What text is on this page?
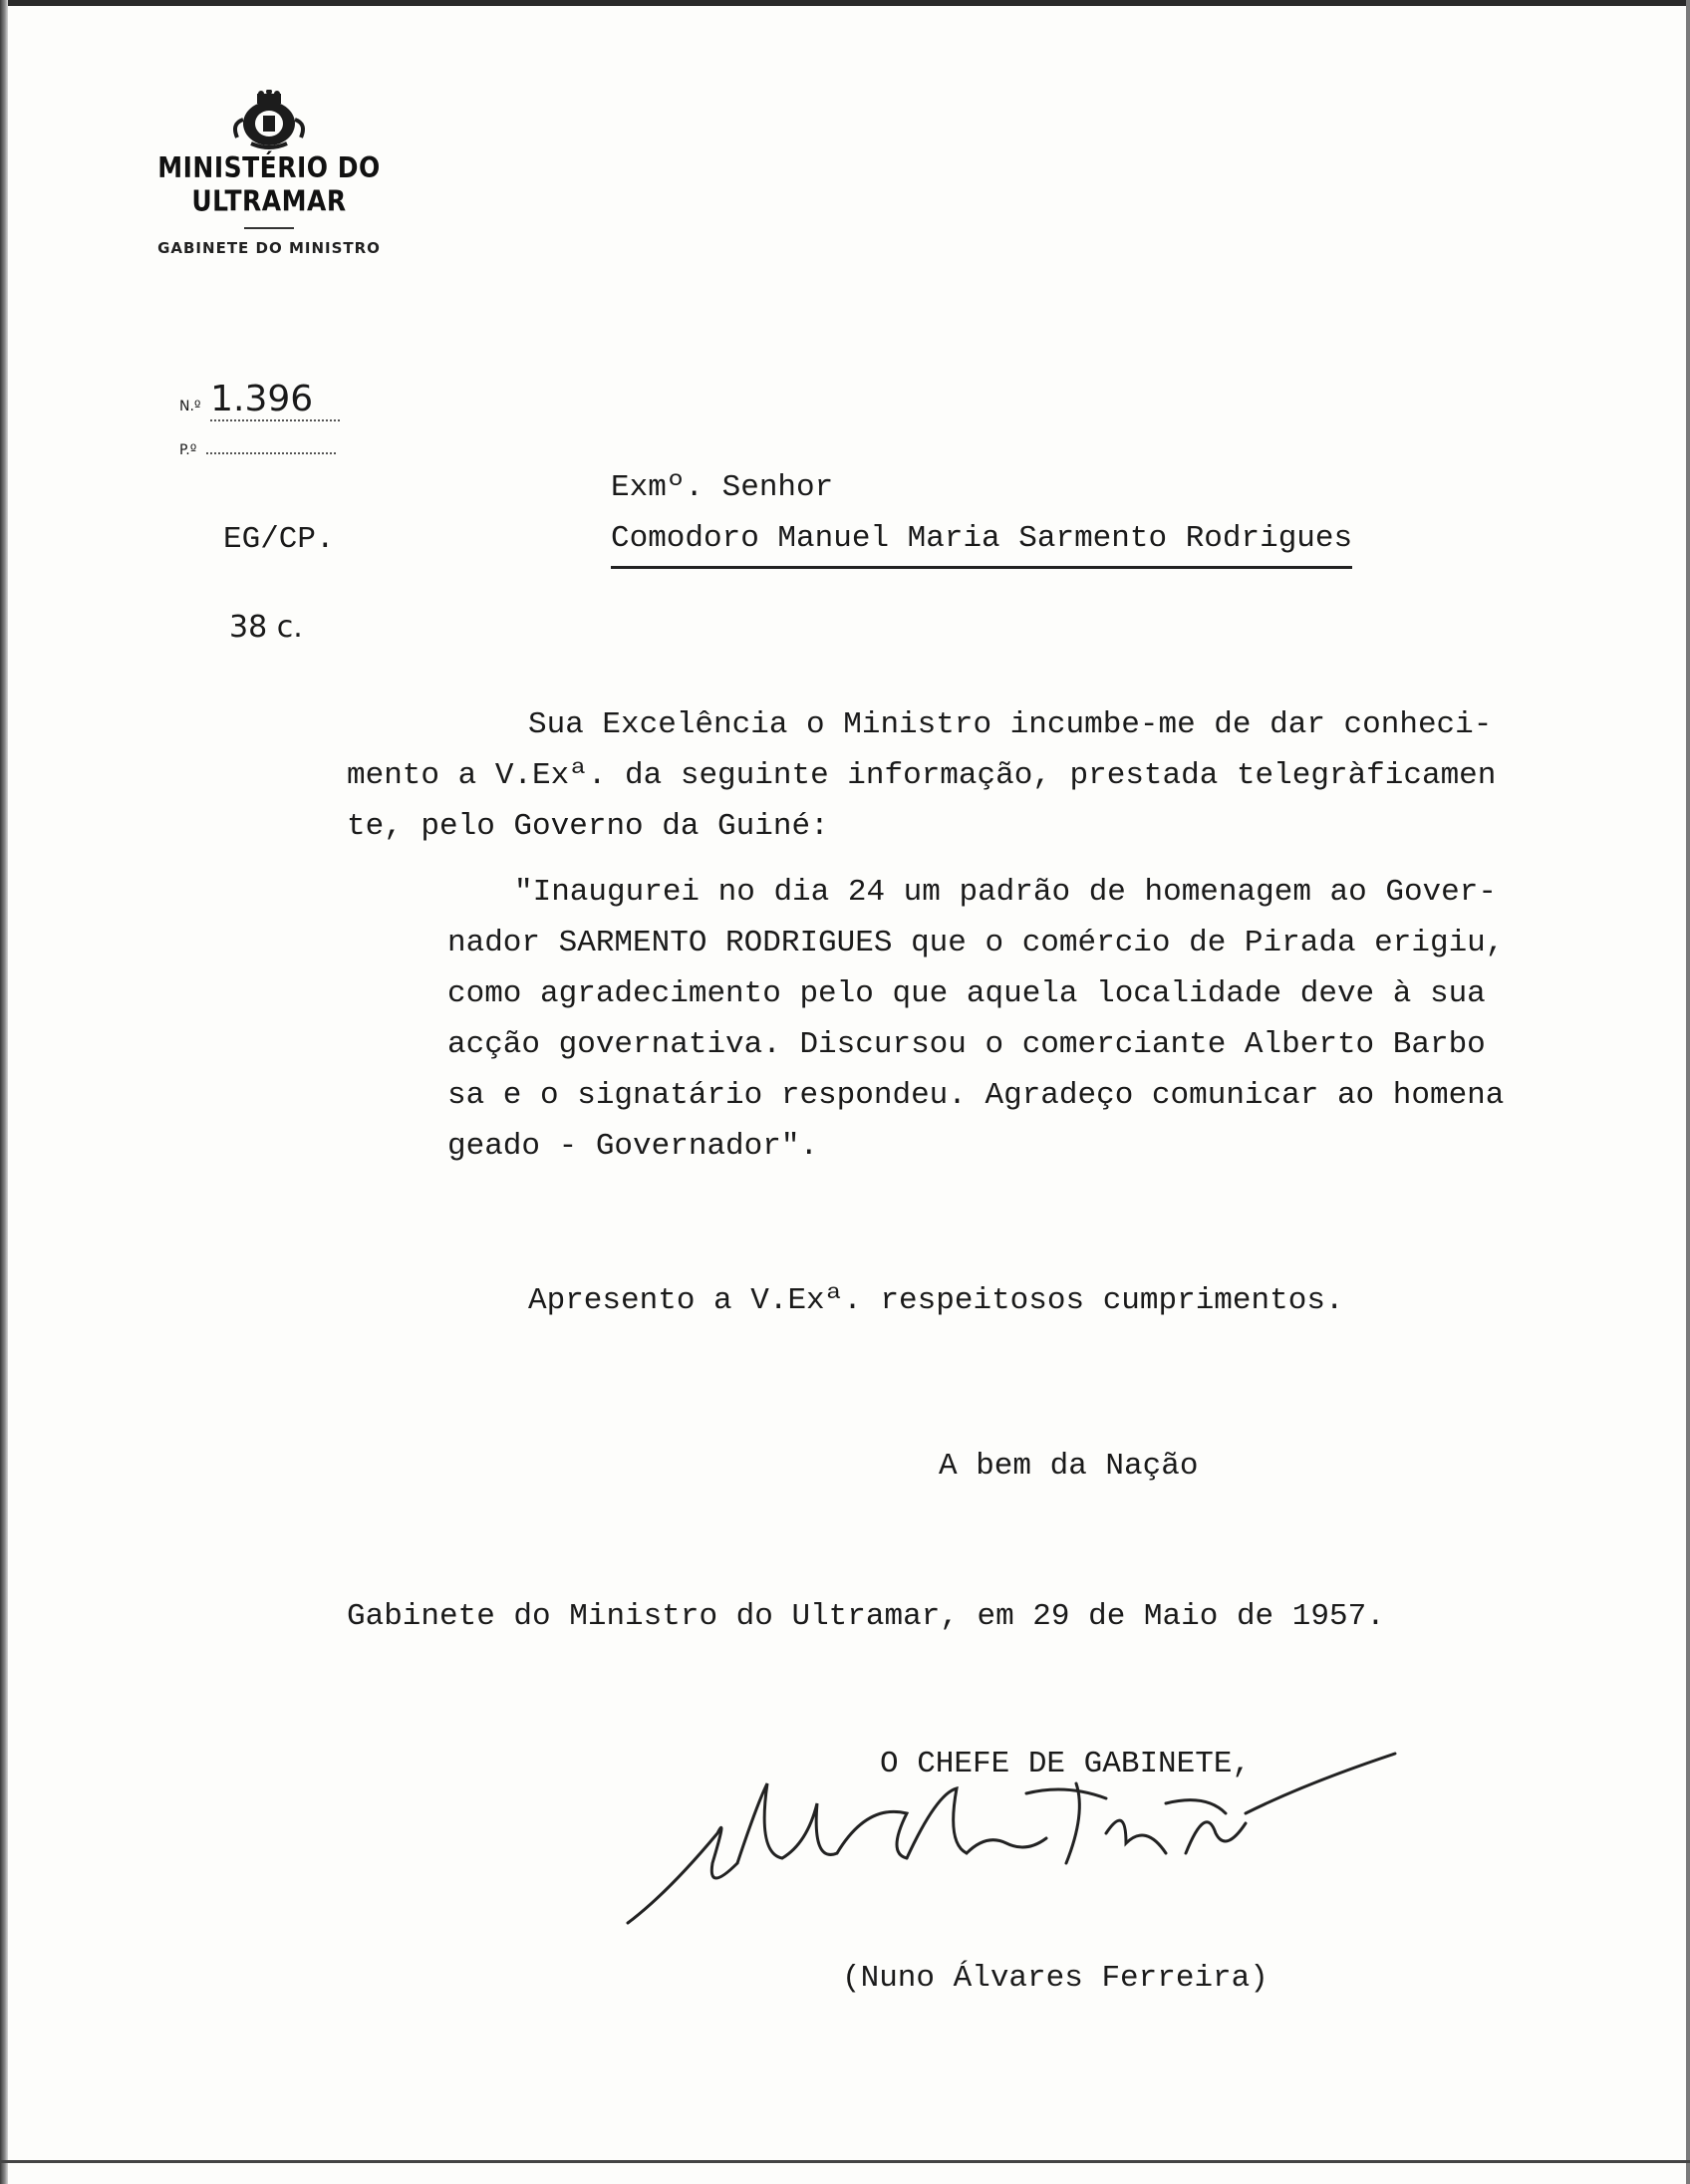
MINISTÉRIO DO ULTRAMAR
GABINETE DO MINISTRO
N.º 1.396
P.º
EG/CP.
38 c.
Exmº. Senhor
Comodoro Manuel Maria Sarmento Rodrigues
Sua Excelência o Ministro incumbe-me de dar conheci-
mento a V.Exª. da seguinte informação, prestada telegràficamen
te, pelo Governo da Guiné:
"Inaugurei no dia 24 um padrão de homenagem ao Gover-
nador SARMENTO RODRIGUES que o comércio de Pirada erigiu,
como agradecimento pelo que aquela localidade deve à sua
acção governativa. Discursou o comerciante Alberto Barbo
sa e o signatário respondeu. Agradeço comunicar ao homena
geado - Governador".
Apresento a V.Exª. respeitosos cumprimentos.
A bem da Nação
Gabinete do Ministro do Ultramar, em 29 de Maio de 1957.
O CHEFE DE GABINETE,
(Nuno Álvares Ferreira)
